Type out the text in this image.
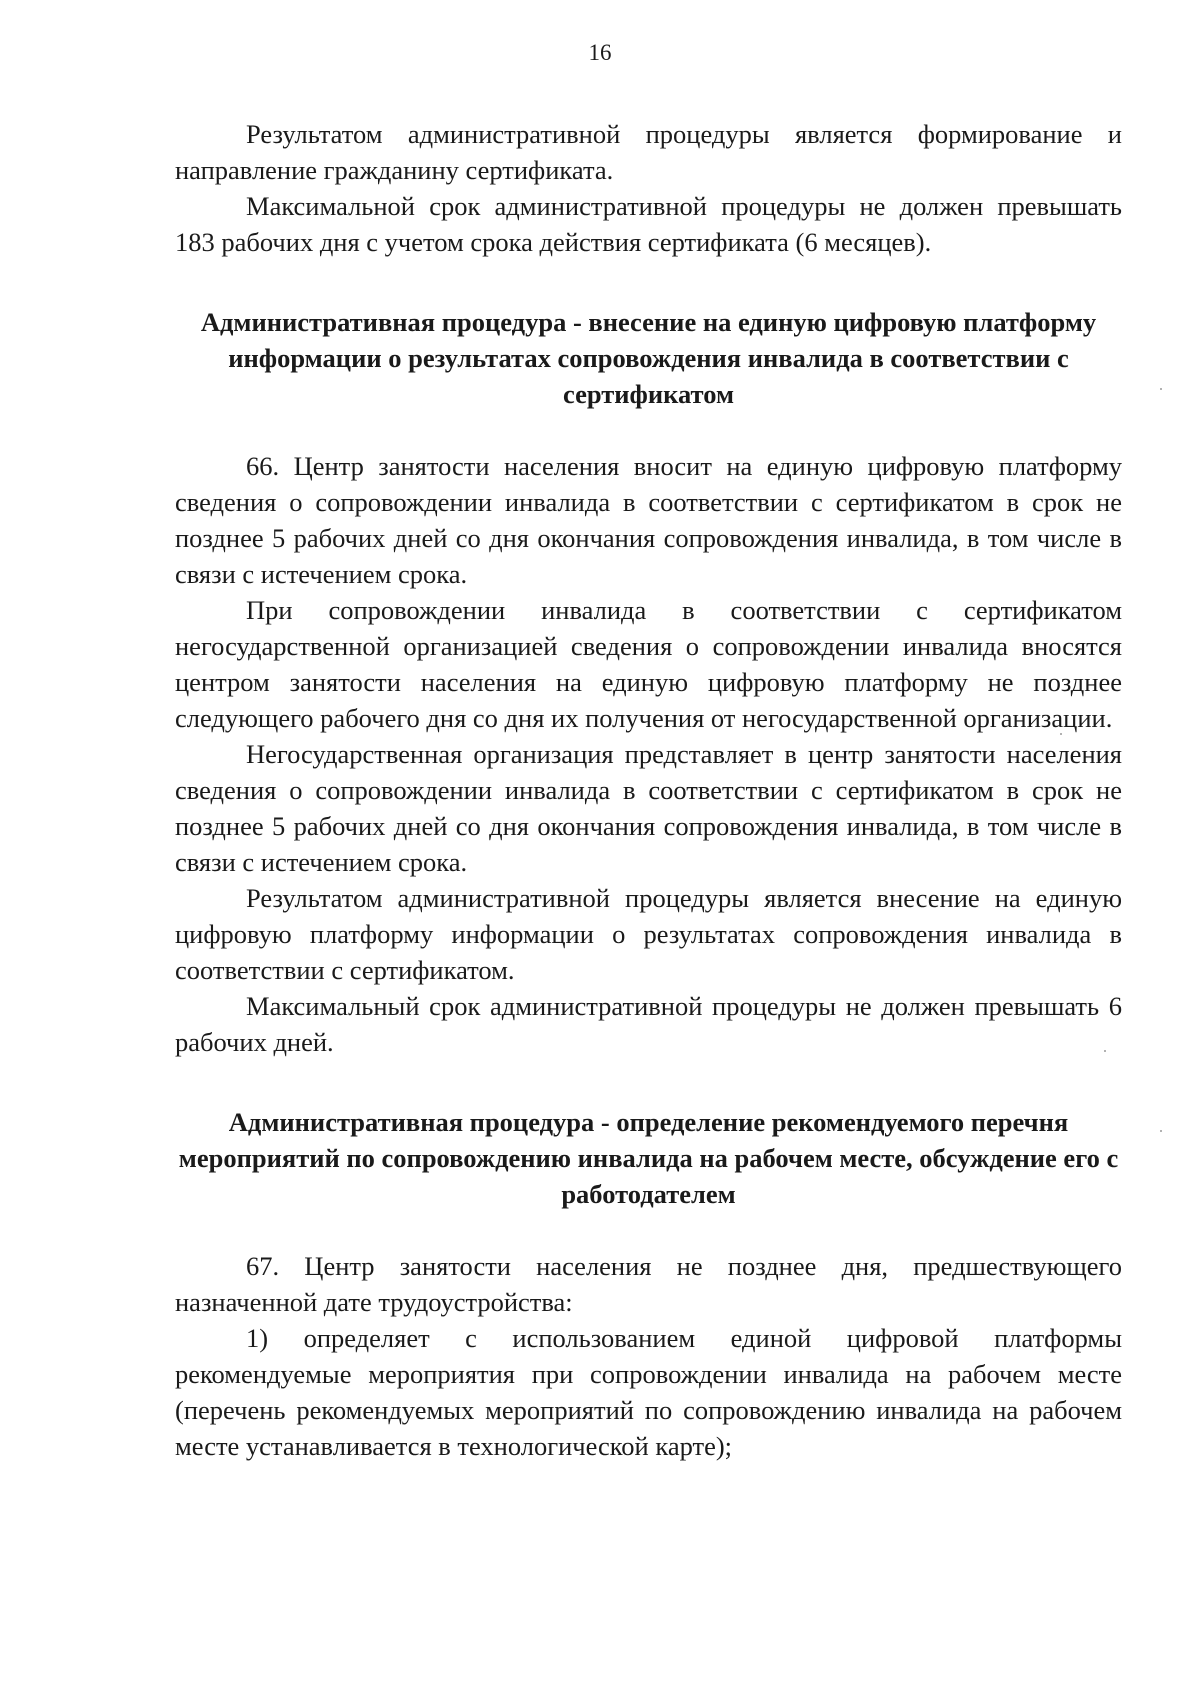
16

Результатом административной процедуры является формирование и направление гражданину сертификата.

Максимальной срок административной процедуры не должен превышать 183 рабочих дня с учетом срока действия сертификата (6 месяцев).

Административная процедура - внесение на единую цифровую платформу информации о результатах сопровождения инвалида в соответствии с сертификатом

66. Центр занятости населения вносит на единую цифровую платформу сведения о сопровождении инвалида в соответствии с сертификатом в срок не позднее 5 рабочих дней со дня окончания сопровождения инвалида, в том числе в связи с истечением срока.

При сопровождении инвалида в соответствии с сертификатом негосударственной организацией сведения о сопровождении инвалида вносятся центром занятости населения на единую цифровую платформу не позднее следующего рабочего дня со дня их получения от негосударственной организации.

Негосударственная организация представляет в центр занятости населения сведения о сопровождении инвалида в соответствии с сертификатом в срок не позднее 5 рабочих дней со дня окончания сопровождения инвалида, в том числе в связи с истечением срока.

Результатом административной процедуры является внесение на единую цифровую платформу информации о результатах сопровождения инвалида в соответствии с сертификатом.

Максимальный срок административной процедуры не должен превышать 6 рабочих дней.

Административная процедура - определение рекомендуемого перечня мероприятий по сопровождению инвалида на рабочем месте, обсуждение его с работодателем

67. Центр занятости населения не позднее дня, предшествующего назначенной дате трудоустройства:

1) определяет с использованием единой цифровой платформы рекомендуемые мероприятия при сопровождении инвалида на рабочем месте (перечень рекомендуемых мероприятий по сопровождению инвалида на рабочем месте устанавливается в технологической карте);
